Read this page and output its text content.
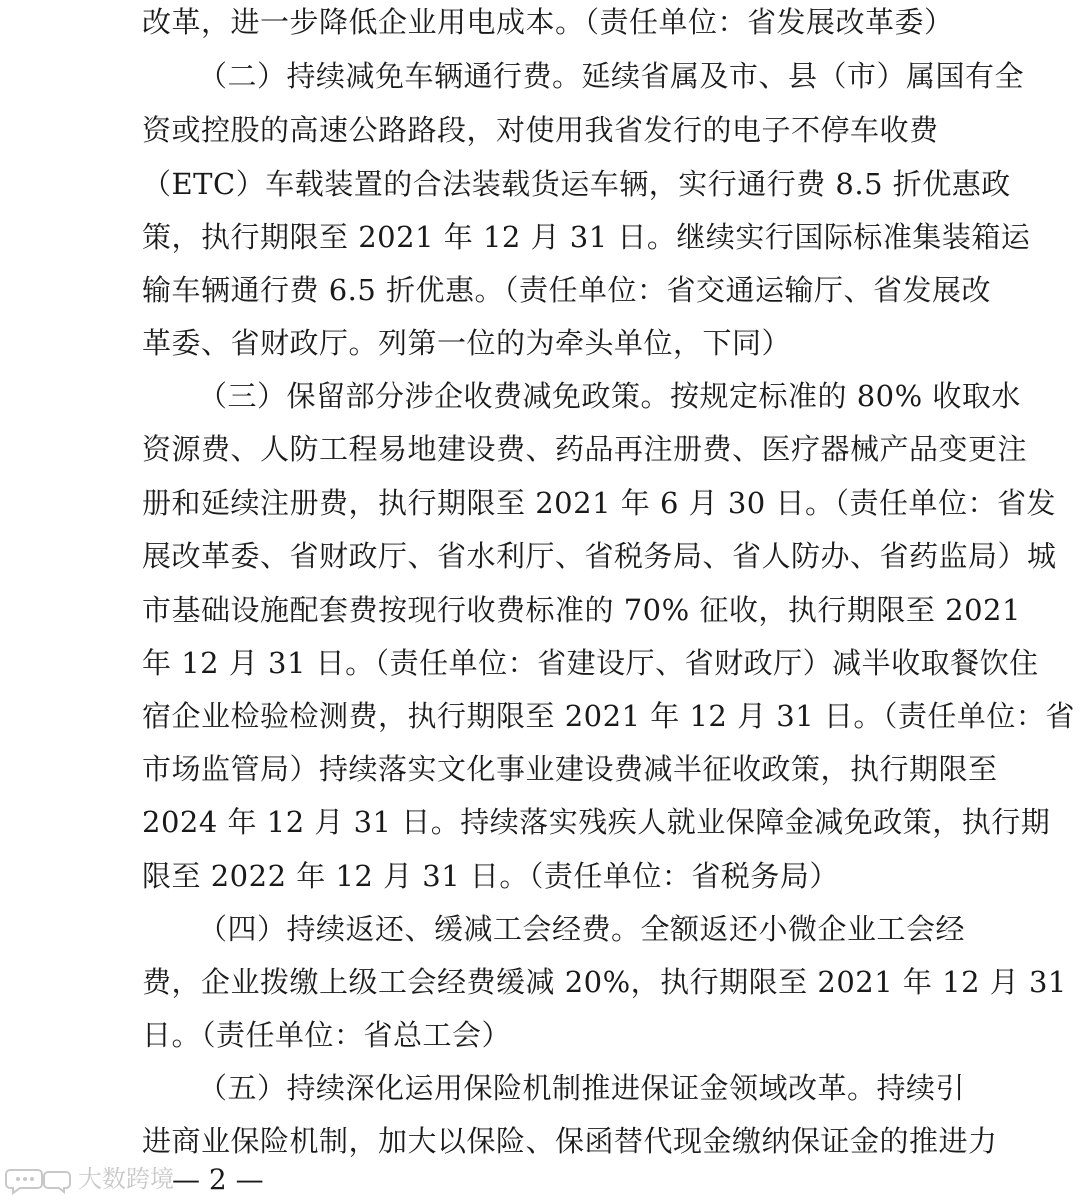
改革，进一步降低企业用电成本。（责任单位：省发展改革委）
（二）持续减免车辆通行费。延续省属及市、县（市）属国有全
资或控股的高速公路路段，对使用我省发行的电子不停车收费
（ETC）车载装置的合法装载货运车辆，实行通行费 8.5 折优惠政
策，执行期限至 2021 年 12 月 31 日。继续实行国际标准集装箱运
输车辆通行费 6.5 折优惠。（责任单位：省交通运输厅、省发展改
革委、省财政厅。列第一位的为牵头单位，下同）
（三）保留部分涉企收费减免政策。按规定标准的 80% 收取水
资源费、人防工程易地建设费、药品再注册费、医疗器械产品变更注
册和延续注册费，执行期限至 2021 年 6 月 30 日。（责任单位：省发
展改革委、省财政厅、省水利厅、省税务局、省人防办、省药监局）城
市基础设施配套费按现行收费标准的 70% 征收，执行期限至 2021
年 12 月 31 日。（责任单位：省建设厅、省财政厅）减半收取餐饮住
宿企业检验检测费，执行期限至 2021 年 12 月 31 日。（责任单位：省
市场监管局）持续落实文化事业建设费减半征收政策，执行期限至
2024 年 12 月 31 日。持续落实残疾人就业保障金减免政策，执行期
限至 2022 年 12 月 31 日。（责任单位：省税务局）
（四）持续返还、缓减工会经费。全额返还小微企业工会经
费，企业拨缴上级工会经费缓减 20%，执行期限至 2021 年 12 月 31
日。（责任单位：省总工会）
（五）持续深化运用保险机制推进保证金领域改革。持续引
进商业保险机制，加大以保险、保函替代现金缴纳保证金的推进力
大数跨境
— 2 —
